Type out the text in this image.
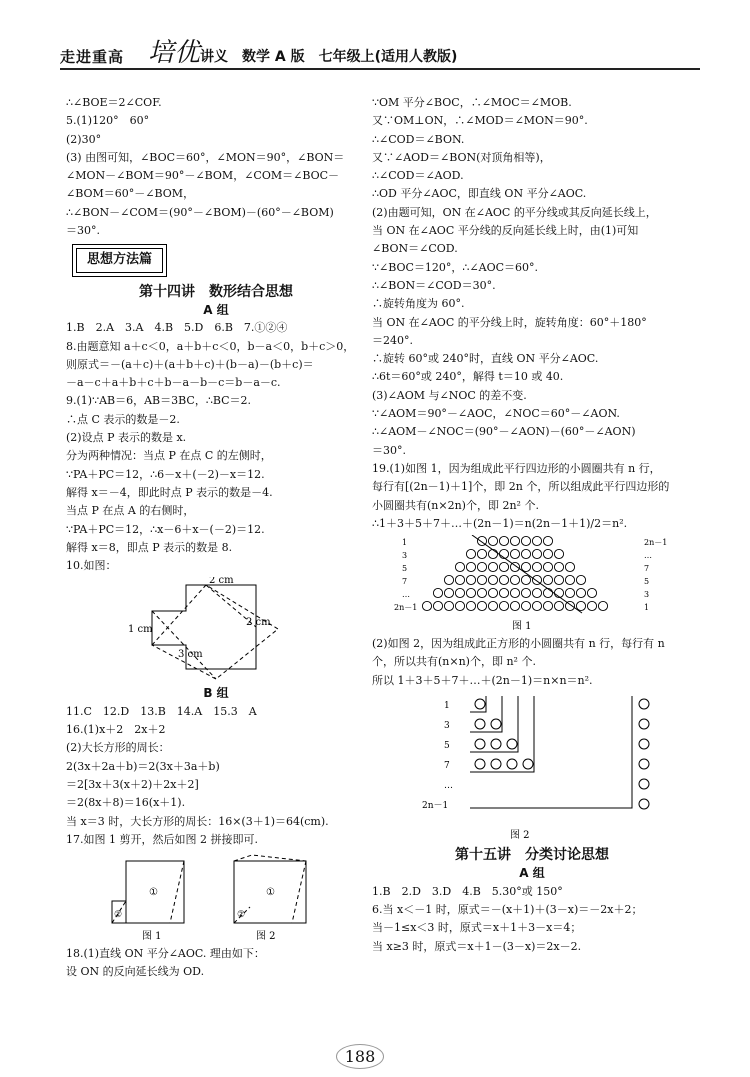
走进重高 培优 讲义　数学 A 版　七年级上(适用人教版)

∴∠BOE＝2∠COF.

5.(1)120°　60°

(2)30°

(3) 由图可知，∠BOC＝60°，∠MON＝90°，∠BON＝

∠MON－∠BOM＝90°－∠BOM，∠COM＝∠BOC－

∠BOM＝60°－∠BOM，

∴∠BON－∠COM＝(90°－∠BOM)－(60°－∠BOM)

＝30°.

思想方法篇
第十四讲　数形结合思想
A 组

1.B　2.A　3.A　4.B　5.D　6.B　7.①②④

8.由题意知 a＋c＜0，a＋b＋c＜0，b－a＜0，b＋c＞0，

则原式＝－(a＋c)＋(a＋b＋c)＋(b－a)－(b＋c)＝

－a－c＋a＋b＋c＋b－a－b－c＝b－a－c.

9.(1)∵AB＝6，AB＝3BC，∴BC＝2.

∴点 C 表示的数是－2.

(2)设点 P 表示的数是 x.

分为两种情况：当点 P 在点 C 的左侧时，

∵PA＋PC＝12，∴6－x＋(－2)－x＝12.

解得 x＝－4，即此时点 P 表示的数是－4.

当点 P 在点 A 的右侧时，

∵PA＋PC＝12，∴x－6＋x－(－2)＝12.

解得 x＝8，即点 P 表示的数是 8.

10.如图：

2 cm
1 cm
2 cm
3 cm
B 组

11.C　12.D　13.B　14.A　15.3　A

16.(1)x＋2　2x＋2

(2)大长方形的周长：

2(3x＋2a＋b)＝2(3x＋3a＋b)

＝2[3x＋3(x＋2)＋2x＋2]

＝2(8x＋8)＝16(x＋1).

当 x＝3 时，大长方形的周长：16×(3＋1)＝64(cm).

17.如图 1 剪开，然后如图 2 拼接即可.

①
②
①
②
图 1	图 2

18.(1)直线 ON 平分∠AOC. 理由如下：

设 ON 的反向延长线为 OD.

∵OM 平分∠BOC，∴∠MOC＝∠MOB.

又∵OM⊥ON，∴∠MOD＝∠MON＝90°.

∴∠COD＝∠BON.

又∵∠AOD＝∠BON(对顶角相等)，

∴∠COD＝∠AOD.

∴OD 平分∠AOC，即直线 ON 平分∠AOC.

(2)由题可知，ON 在∠AOC 的平分线或其反向延长线上，

当 ON 在∠AOC 平分线的反向延长线上时，由(1)可知

∠BON＝∠COD.

∵∠BOC＝120°，∴∠AOC＝60°.

∴∠BON＝∠COD＝30°.

∴旋转角度为 60°.

当 ON 在∠AOC 的平分线上时，旋转角度：60°＋180°

＝240°.

∴旋转 60°或 240°时，直线 ON 平分∠AOC.

∴6t＝60°或 240°，解得 t＝10 或 40.

(3)∠AOM 与∠NOC 的差不变.

∵∠AOM＝90°－∠AOC，∠NOC＝60°－∠AON.

∴∠AOM－∠NOC＝(90°－∠AON)－(60°－∠AON)

＝30°.

19.(1)如图 1，因为组成此平行四边形的小圆圈共有 n 行，

每行有[(2n－1)＋1]个，即 2n 个，所以组成此平行四边形的

小圆圈共有(n×2n)个，即 2n² 个.

∴1＋3＋5＋7＋…＋(2n－1)＝n(2n－1＋1)/2＝n².

图 1
1
3
5
7
…
2n－1
2n－1
…
7
5
3
1

(2)如图 2，因为组成此正方形的小圆圈共有 n 行，每行有 n

个，所以共有(n×n)个，即 n² 个.

所以 1＋3＋5＋7＋…＋(2n－1)＝n×n＝n².

图 2
1
3
5
7
…
2n－1
第十五讲　分类讨论思想
A 组

1.B　2.D　3.D　4.B　5.30°或 150°

6.当 x＜－1 时，原式＝－(x＋1)＋(3－x)＝－2x＋2；

当－1≤x＜3 时，原式＝x＋1＋3－x＝4；

当 x≥3 时，原式＝x＋1－(3－x)＝2x－2.

188
